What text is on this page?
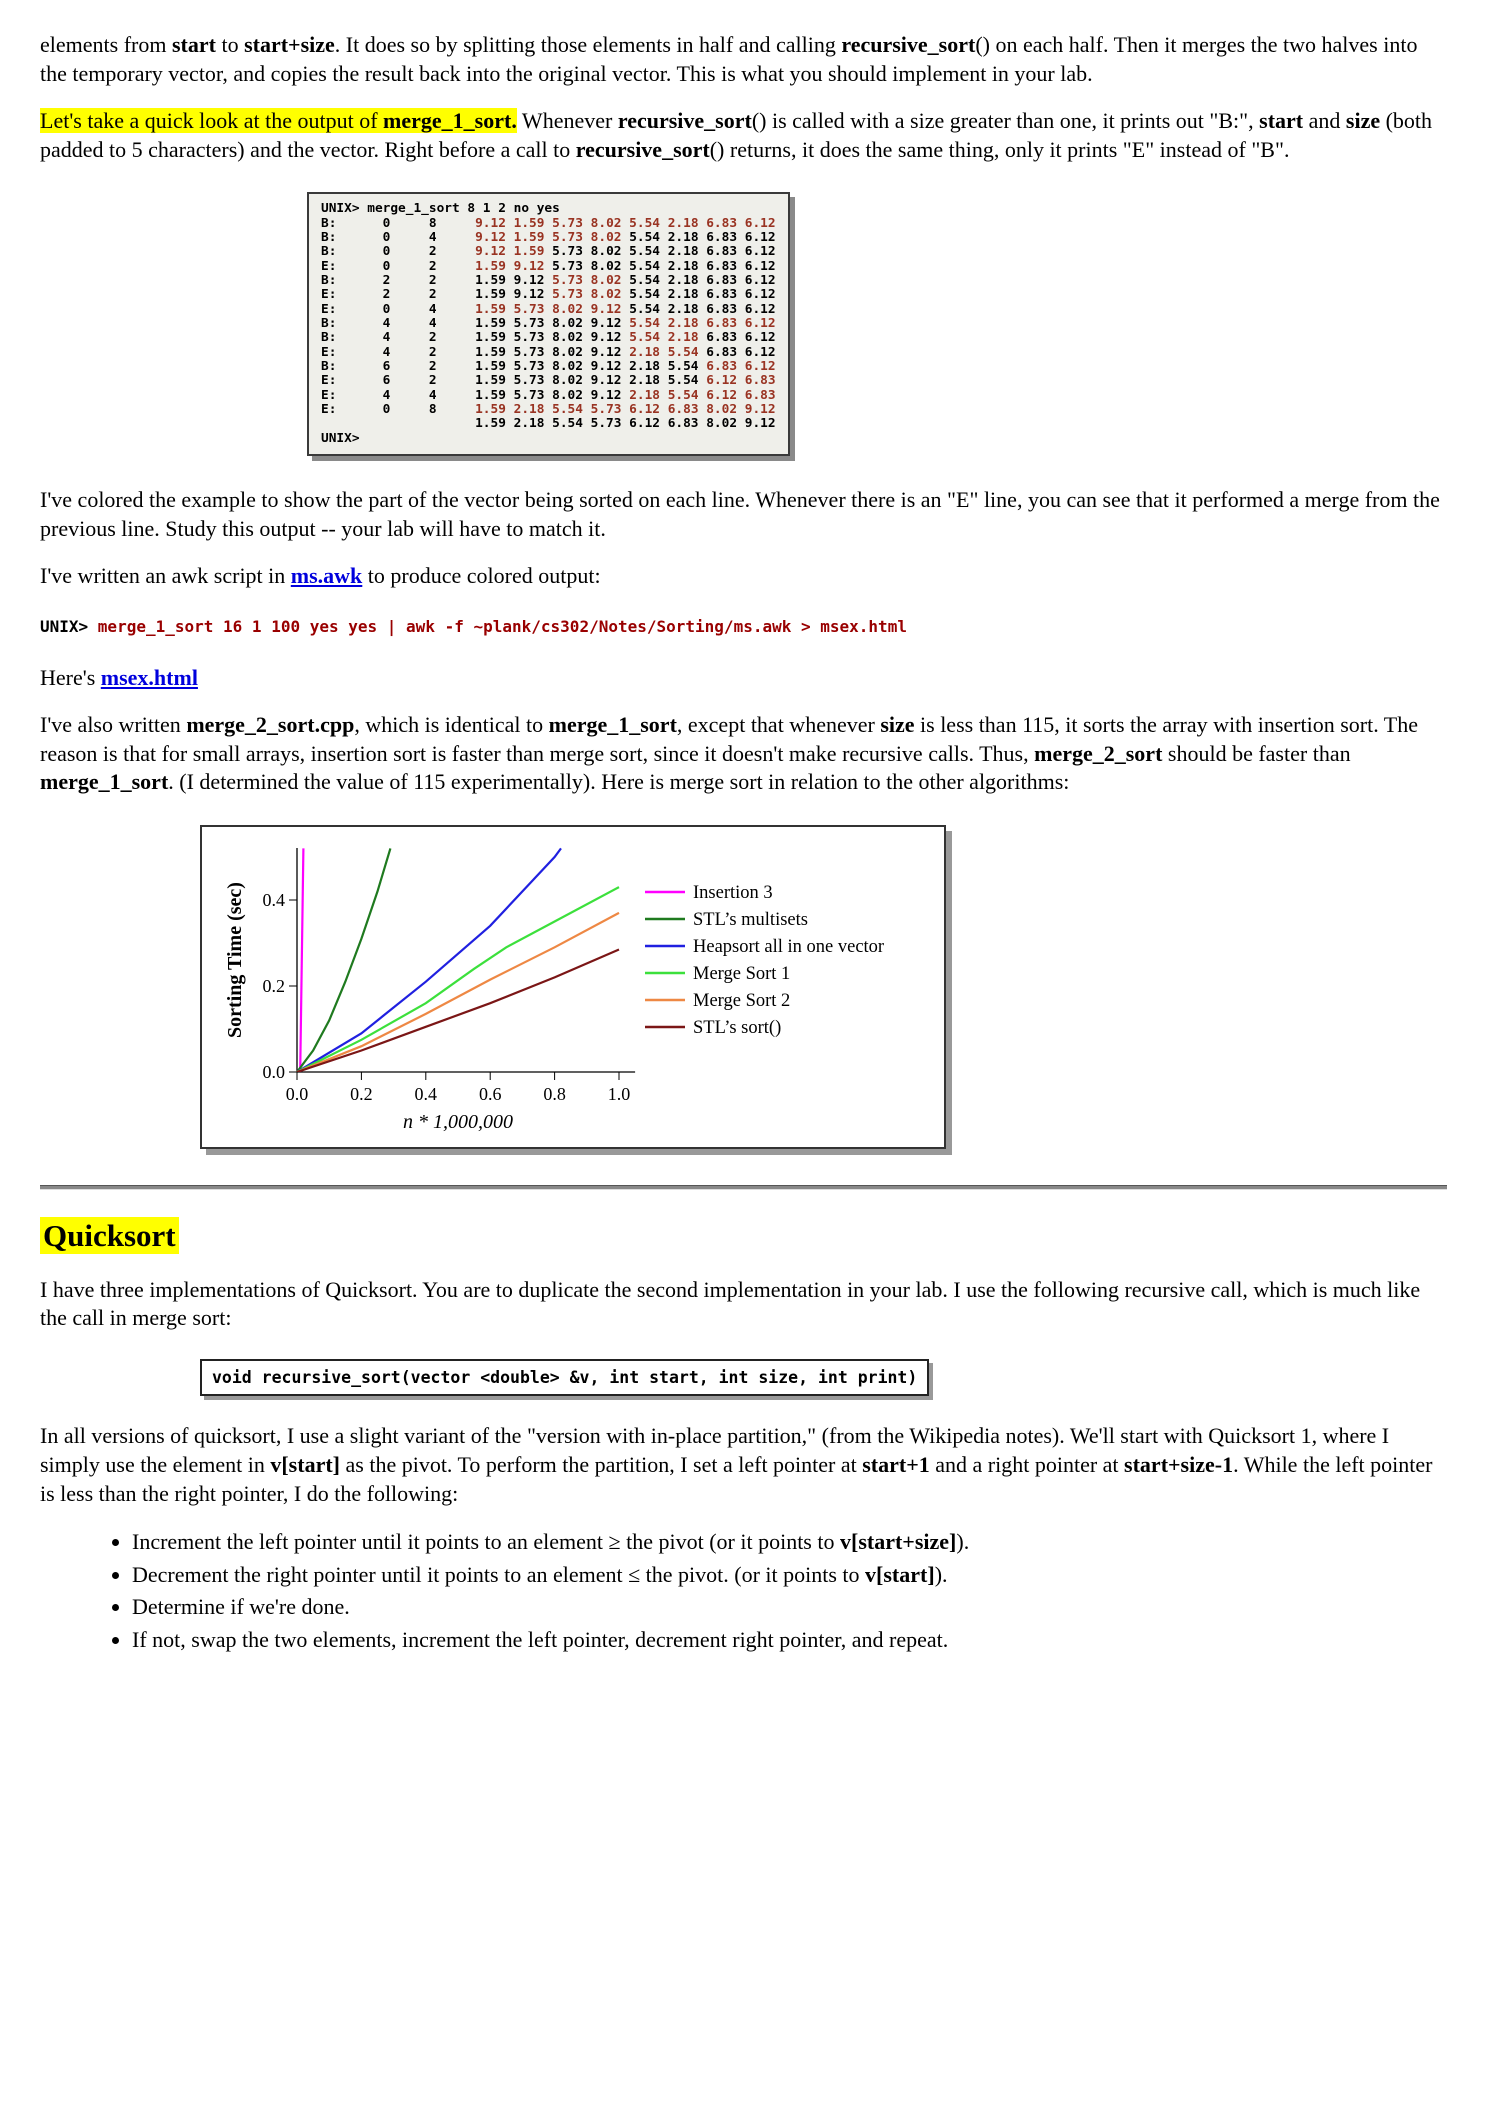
elements from start to start+size. It does so by splitting those elements in half and calling recursive_sort() on each half. Then it merges the two halves into the temporary vector, and copies the result back into the original vector. This is what you should implement in your lab.

Let's take a quick look at the output of merge_1_sort. Whenever recursive_sort() is called with a size greater than one, it prints out "B:", start and size (both padded to 5 characters) and the vector. Right before a call to recursive_sort() returns, it does the same thing, only it prints "E" instead of "B".

UNIX> merge_1_sort 8 1 2 no yes
B:      0     8     9.12 1.59 5.73 8.02 5.54 2.18 6.83 6.12
B:      0     4     9.12 1.59 5.73 8.02 5.54 2.18 6.83 6.12
B:      0     2     9.12 1.59 5.73 8.02 5.54 2.18 6.83 6.12
E:      0     2     1.59 9.12 5.73 8.02 5.54 2.18 6.83 6.12
B:      2     2     1.59 9.12 5.73 8.02 5.54 2.18 6.83 6.12
E:      2     2     1.59 9.12 5.73 8.02 5.54 2.18 6.83 6.12
E:      0     4     1.59 5.73 8.02 9.12 5.54 2.18 6.83 6.12
B:      4     4     1.59 5.73 8.02 9.12 5.54 2.18 6.83 6.12
B:      4     2     1.59 5.73 8.02 9.12 5.54 2.18 6.83 6.12
E:      4     2     1.59 5.73 8.02 9.12 2.18 5.54 6.83 6.12
B:      6     2     1.59 5.73 8.02 9.12 2.18 5.54 6.83 6.12
E:      6     2     1.59 5.73 8.02 9.12 2.18 5.54 6.12 6.83
E:      4     4     1.59 5.73 8.02 9.12 2.18 5.54 6.12 6.83
E:      0     8     1.59 2.18 5.54 5.73 6.12 6.83 8.02 9.12
1.59 2.18 5.54 5.73 6.12 6.83 8.02 9.12
UNIX>

I've colored the example to show the part of the vector being sorted on each line. Whenever there is an "E" line, you can see that it performed a merge from the previous line. Study this output -- your lab will have to match it.

I've written an awk script in ms.awk to produce colored output:

UNIX> merge_1_sort 16 1 100 yes yes | awk -f ~plank/cs302/Notes/Sorting/ms.awk > msex.html

Here's msex.html

I've also written merge_2_sort.cpp, which is identical to merge_1_sort, except that whenever size is less than 115, it sorts the array with insertion sort. The reason is that for small arrays, insertion sort is faster than merge sort, since it doesn't make recursive calls. Thus, merge_2_sort should be faster than merge_1_sort. (I determined the value of 115 experimentally). Here is merge sort in relation to the other algorithms:

0.0
0.2
0.4
0.0 0.2 0.4 0.6 0.8 1.0
Insertion 3
STL’s multisets
Heapsort all in one vector
Merge Sort 1
Merge Sort 2
STL’s sort()
Sorting Time (sec)
n * 1,000,000
Quicksort

I have three implementations of Quicksort. You are to duplicate the second implementation in your lab. I use the following recursive call, which is much like the call in merge sort:

void recursive_sort(vector <double> &v, int start, int size, int print)

In all versions of quicksort, I use a slight variant of the "version with in-place partition," (from the Wikipedia notes). We'll start with Quicksort 1, where I simply use the element in v[start] as the pivot. To perform the partition, I set a left pointer at start+1 and a right pointer at start+size-1. While the left pointer is less than the right pointer, I do the following:

• Increment the left pointer until it points to an element ≥ the pivot (or it points to v[start+size]).
• Decrement the right pointer until it points to an element ≤ the pivot. (or it points to v[start]).
• Determine if we're done.
• If not, swap the two elements, increment the left pointer, decrement right pointer, and repeat.
